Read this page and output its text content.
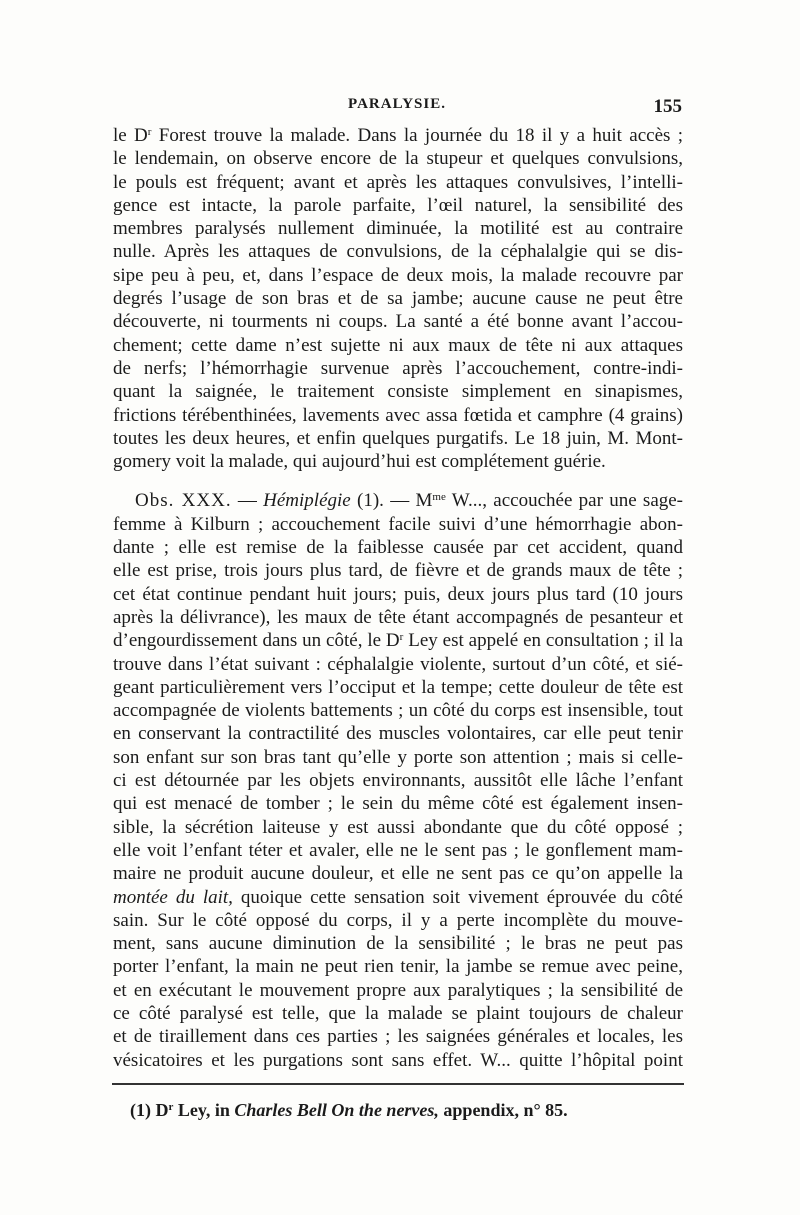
PARALYSIE.	155
le $D^r$ Forest trouve la malade. Dans la journée du 18 il y a huit accès ;
le lendemain, on observe encore de la stupeur et quelques convulsions,
le pouls est fréquent; avant et après les attaques convulsives, l’intelli-
gence est intacte, la parole parfaite, l’œil naturel, la sensibilité des
membres paralysés nullement diminuée, la motilité est au contraire
nulle. Après les attaques de convulsions, de la céphalalgie qui se dis-
sipe peu à peu, et, dans l’espace de deux mois, la malade recouvre par
degrés l’usage de son bras et de sa jambe; aucune cause ne peut être
découverte, ni tourments ni coups. La santé a été bonne avant l’accou-
chement; cette dame n’est sujette ni aux maux de tête ni aux attaques
de nerfs; l’hémorrhagie survenue après l’accouchement, contre-indi-
quant la saignée, le traitement consiste simplement en sinapismes,
frictions térébenthinées, lavements avec assa fœtida et camphre (4 grains)
toutes les deux heures, et enfin quelques purgatifs. Le 18 juin, M. Mont-
gomery voit la malade, qui aujourd’hui est complétement guérie.
Obs. XXX. — Hémiplégie (1). — $M^{me}$ W..., accouchée par une sage-
femme à Kilburn ; accouchement facile suivi d’une hémorrhagie abon-
dante ; elle est remise de la faiblesse causée par cet accident, quand
elle est prise, trois jours plus tard, de fièvre et de grands maux de tête ;
cet état continue pendant huit jours; puis, deux jours plus tard (10 jours
après la délivrance), les maux de tête étant accompagnés de pesanteur et
d’engourdissement dans un côté, le $D^r$ Ley est appelé en consultation ; il la
trouve dans l’état suivant : céphalalgie violente, surtout d’un côté, et sié-
geant particulièrement vers l’occiput et la tempe; cette douleur de tête est
accompagnée de violents battements ; un côté du corps est insensible, tout
en conservant la contractilité des muscles volontaires, car elle peut tenir
son enfant sur son bras tant qu’elle y porte son attention ; mais si celle-
ci est détournée par les objets environnants, aussitôt elle lâche l’enfant
qui est menacé de tomber ; le sein du même côté est également insen-
sible, la sécrétion laiteuse y est aussi abondante que du côté opposé ;
elle voit l’enfant téter et avaler, elle ne le sent pas ; le gonflement mam-
maire ne produit aucune douleur, et elle ne sent pas ce qu’on appelle la
montée du lait, quoique cette sensation soit vivement éprouvée du côté
sain. Sur le côté opposé du corps, il y a perte incomplète du mouve-
ment, sans aucune diminution de la sensibilité ; le bras ne peut pas
porter l’enfant, la main ne peut rien tenir, la jambe se remue avec peine,
et en exécutant le mouvement propre aux paralytiques ; la sensibilité de
ce côté paralysé est telle, que la malade se plaint toujours de chaleur
et de tiraillement dans ces parties ; les saignées générales et locales, les
vésicatoires et les purgations sont sans effet. W... quitte l’hôpital point
(1) $D^r$ Ley, in Charles Bell On the nerves, appendix, n° 85.
